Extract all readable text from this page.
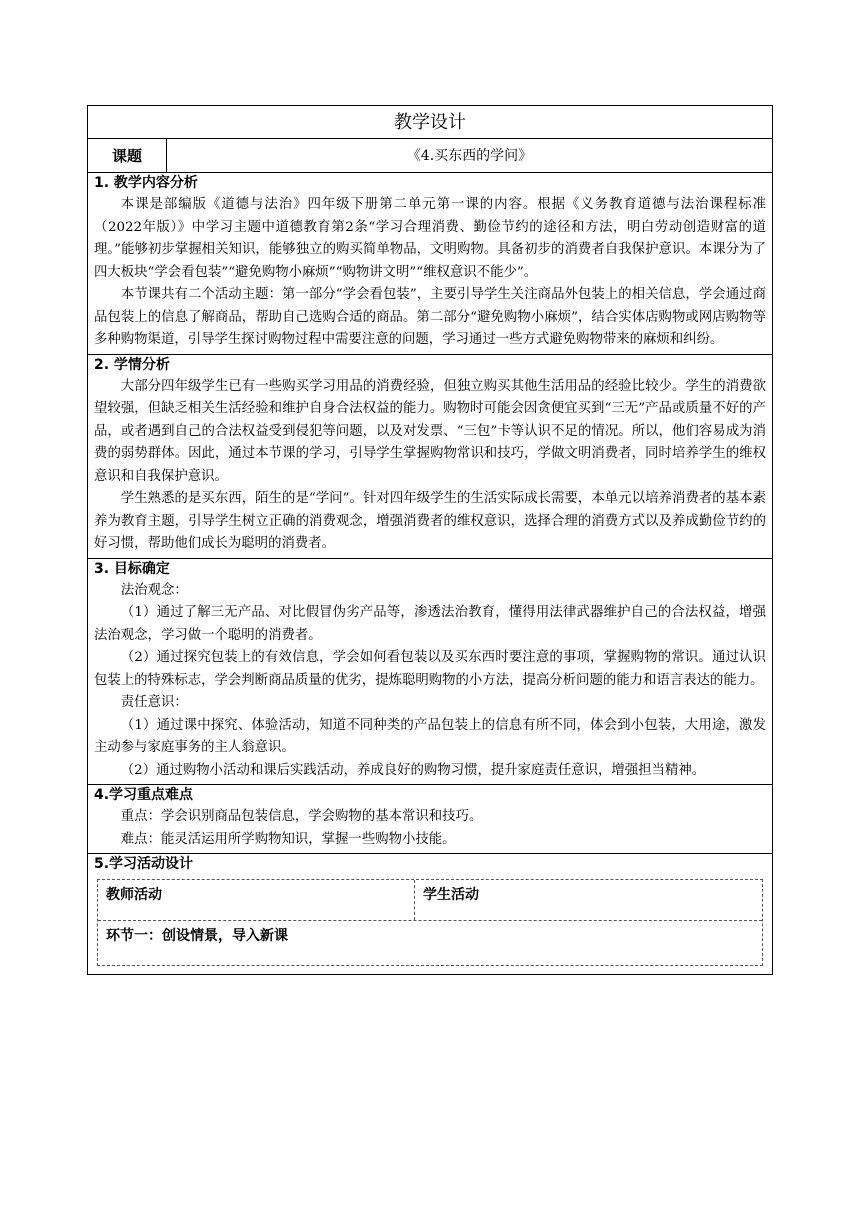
教学设计
课题	《4.买东西的学问》
1. 教学内容分析

本课是部编版《道德与法治》四年级下册第二单元第一课的内容。根据《义务教育道德与法治课程标准（2022年版）》中学习主题中道德教育第2条“学习合理消费、勤俭节约的途径和方法，明白劳动创造财富的道理。”能够初步掌握相关知识，能够独立的购买简单物品，文明购物。具备初步的消费者自我保护意识。本课分为了四大板块“学会看包装”“避免购物小麻烦”“购物讲文明”“维权意识不能少”。

本节课共有二个活动主题：第一部分“学会看包装”，主要引导学生关注商品外包装上的相关信息，学会通过商品包装上的信息了解商品，帮助自己选购合适的商品。第二部分“避免购物小麻烦”，结合实体店购物或网店购物等多种购物渠道，引导学生探讨购物过程中需要注意的问题，学习通过一些方式避免购物带来的麻烦和纠纷。

2. 学情分析

大部分四年级学生已有一些购买学习用品的消费经验，但独立购买其他生活用品的经验比较少。学生的消费欲望较强，但缺乏相关生活经验和维护自身合法权益的能力。购物时可能会因贪便宜买到“三无”产品或质量不好的产品，或者遇到自己的合法权益受到侵犯等问题，以及对发票、“三包”卡等认识不足的情况。所以，他们容易成为消费的弱势群体。因此，通过本节课的学习，引导学生掌握购物常识和技巧，学做文明消费者，同时培养学生的维权意识和自我保护意识。

学生熟悉的是买东西，陌生的是“学问”。针对四年级学生的生活实际成长需要，本单元以培养消费者的基本素养为教育主题，引导学生树立正确的消费观念，增强消费者的维权意识，选择合理的消费方式以及养成勤俭节约的好习惯，帮助他们成长为聪明的消费者。

3. 目标确定

法治观念：

（1）通过了解三无产品、对比假冒伪劣产品等，渗透法治教育，懂得用法律武器维护自己的合法权益，增强法治观念，学习做一个聪明的消费者。

（2）通过探究包装上的有效信息，学会如何看包装以及买东西时要注意的事项，掌握购物的常识。通过认识包装上的特殊标志，学会判断商品质量的优劣，提炼聪明购物的小方法，提高分析问题的能力和语言表达的能力。

责任意识：

（1）通过课中探究、体验活动，知道不同种类的产品包装上的信息有所不同，体会到小包装，大用途，激发主动参与家庭事务的主人翁意识。

（2）通过购物小活动和课后实践活动，养成良好的购物习惯，提升家庭责任意识，增强担当精神。

4.学习重点难点

重点：学会识别商品包装信息，学会购物的基本常识和技巧。

难点：能灵活运用所学购物知识，掌握一些购物小技能。

5.学习活动设计
教师活动	学生活动
环节一：创设情景，导入新课
